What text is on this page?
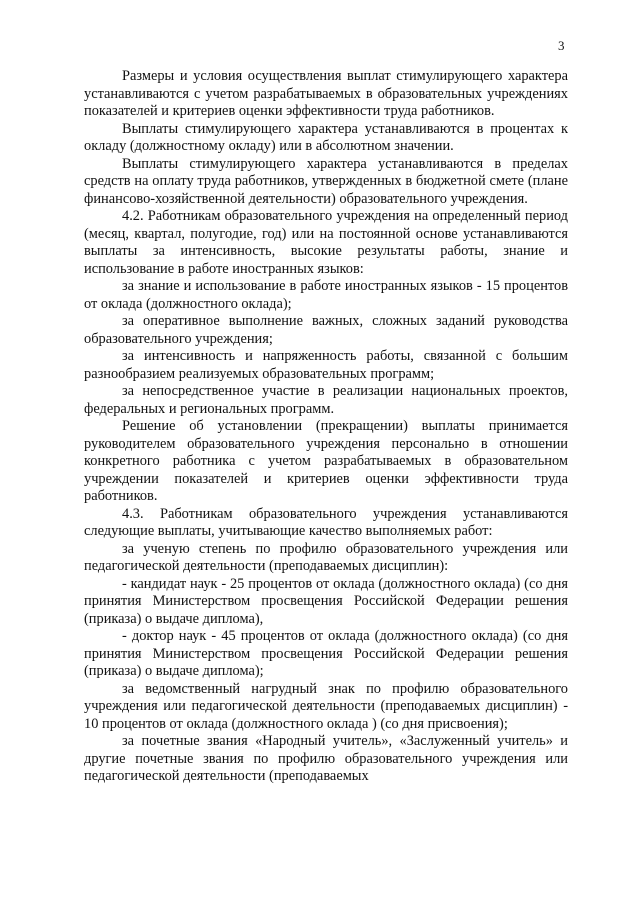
3

Размеры и условия осуществления выплат стимулирующего характера устанавливаются с учетом разрабатываемых в образовательных учреждениях показателей и критериев оценки эффективности труда работников.

Выплаты стимулирующего характера устанавливаются в процентах к окладу (должностному окладу) или в абсолютном значении.

Выплаты стимулирующего характера устанавливаются в пределах средств на оплату труда работников, утвержденных в бюджетной смете (плане финансово-хозяйственной деятельности) образовательного учреждения.

4.2. Работникам образовательного учреждения на определенный период (месяц, квартал, полугодие, год) или на постоянной основе устанавливаются выплаты за интенсивность, высокие результаты работы, знание и использование в работе иностранных языков:

за знание и использование в работе иностранных языков - 15 процентов от оклада (должностного оклада);

за оперативное выполнение важных, сложных заданий руководства образовательного учреждения;

за интенсивность и напряженность работы, связанной с большим разнообразием реализуемых образовательных программ;

за непосредственное участие в реализации национальных проектов, федеральных и региональных программ.

Решение об установлении (прекращении) выплаты принимается руководителем образовательного учреждения персонально в отношении конкретного работника с учетом разрабатываемых в образовательном учреждении показателей и критериев оценки эффективности труда работников.

4.3. Работникам образовательного учреждения устанавливаются следующие выплаты, учитывающие качество выполняемых работ:

за ученую степень по профилю образовательного учреждения или педагогической деятельности (преподаваемых дисциплин):

- кандидат наук - 25 процентов от оклада (должностного оклада) (со дня принятия Министерством просвещения Российской Федерации решения (приказа) о выдаче диплома),

- доктор наук - 45 процентов от оклада (должностного оклада) (со дня принятия Министерством просвещения Российской Федерации решения (приказа) о выдаче диплома);

за ведомственный нагрудный знак по профилю образовательного учреждения или педагогической деятельности (преподаваемых дисциплин) - 10 процентов от оклада (должностного оклада ) (со дня присвоения);

за почетные звания «Народный учитель», «Заслуженный учитель» и другие почетные звания по профилю образовательного учреждения или педагогической деятельности (преподаваемых
